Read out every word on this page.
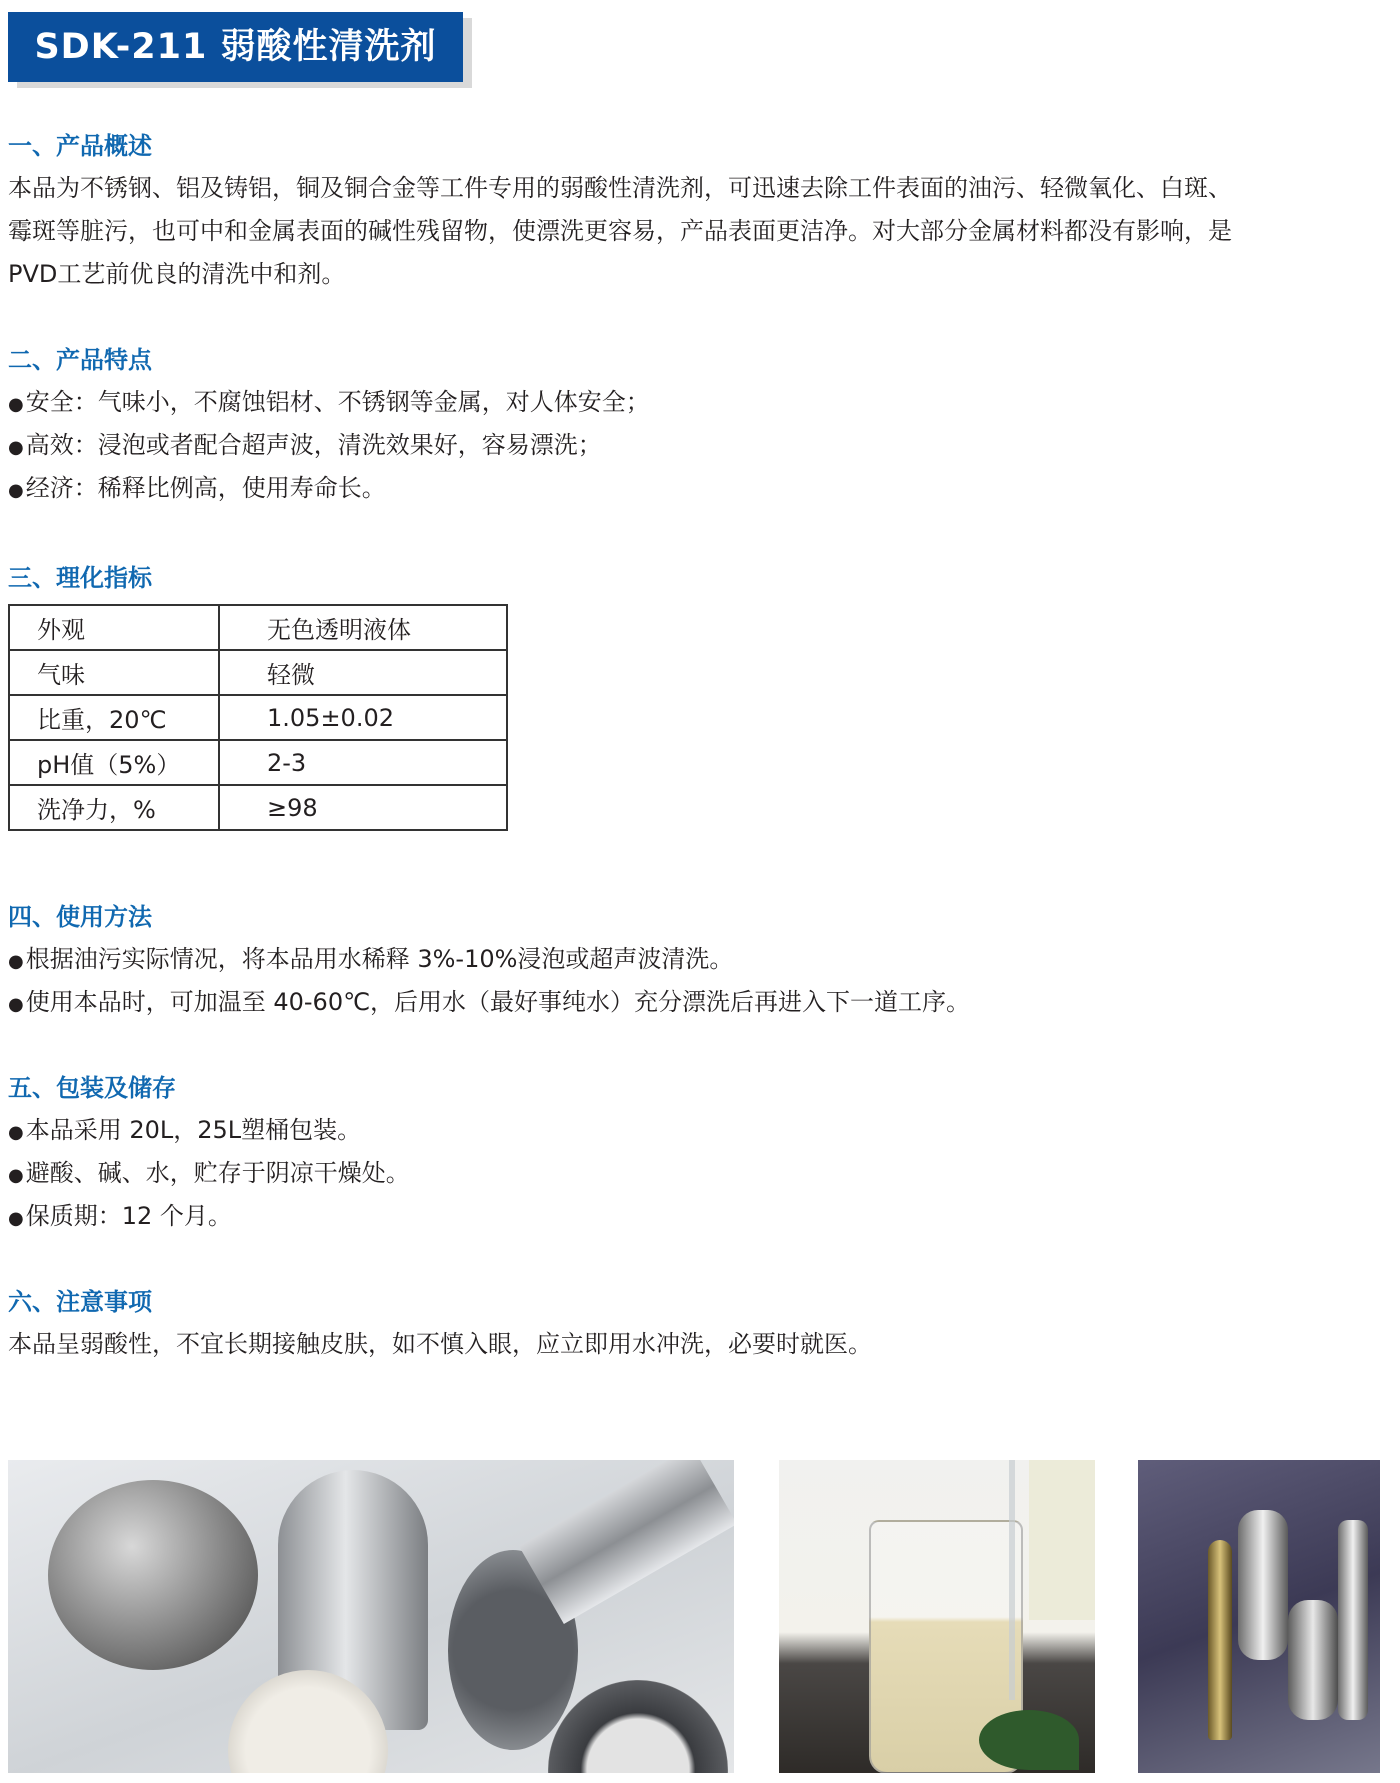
SDK-211 弱酸性清洗剂
一、产品概述
本品为不锈钢、铝及铸铝，铜及铜合金等工件专用的弱酸性清洗剂，可迅速去除工件表面的油污、轻微氧化、白斑、
霉斑等脏污，也可中和金属表面的碱性残留物，使漂洗更容易，产品表面更洁净。对大部分金属材料都没有影响，是
PVD工艺前优良的清洗中和剂。
二、产品特点
● 安全：气味小，不腐蚀铝材、不锈钢等金属，对人体安全；
● 高效：浸泡或者配合超声波，清洗效果好，容易漂洗；
● 经济：稀释比例高，使用寿命长。
三、理化指标
外观	无色透明液体
气味	轻微
比重，20℃	1.05±0.02
pH值（5%）	2-3
洗净力，%	≥98
四、使用方法
● 根据油污实际情况，将本品用水稀释 3%-10%浸泡或超声波清洗。
● 使用本品时，可加温至 40-60℃，后用水（最好事纯水）充分漂洗后再进入下一道工序。
五、包装及储存
● 本品采用 20L，25L塑桶包装。
● 避酸、碱、水，贮存于阴凉干燥处。
● 保质期：12 个月。
六、注意事项
本品呈弱酸性，不宜长期接触皮肤，如不慎入眼，应立即用水冲洗，必要时就医。
